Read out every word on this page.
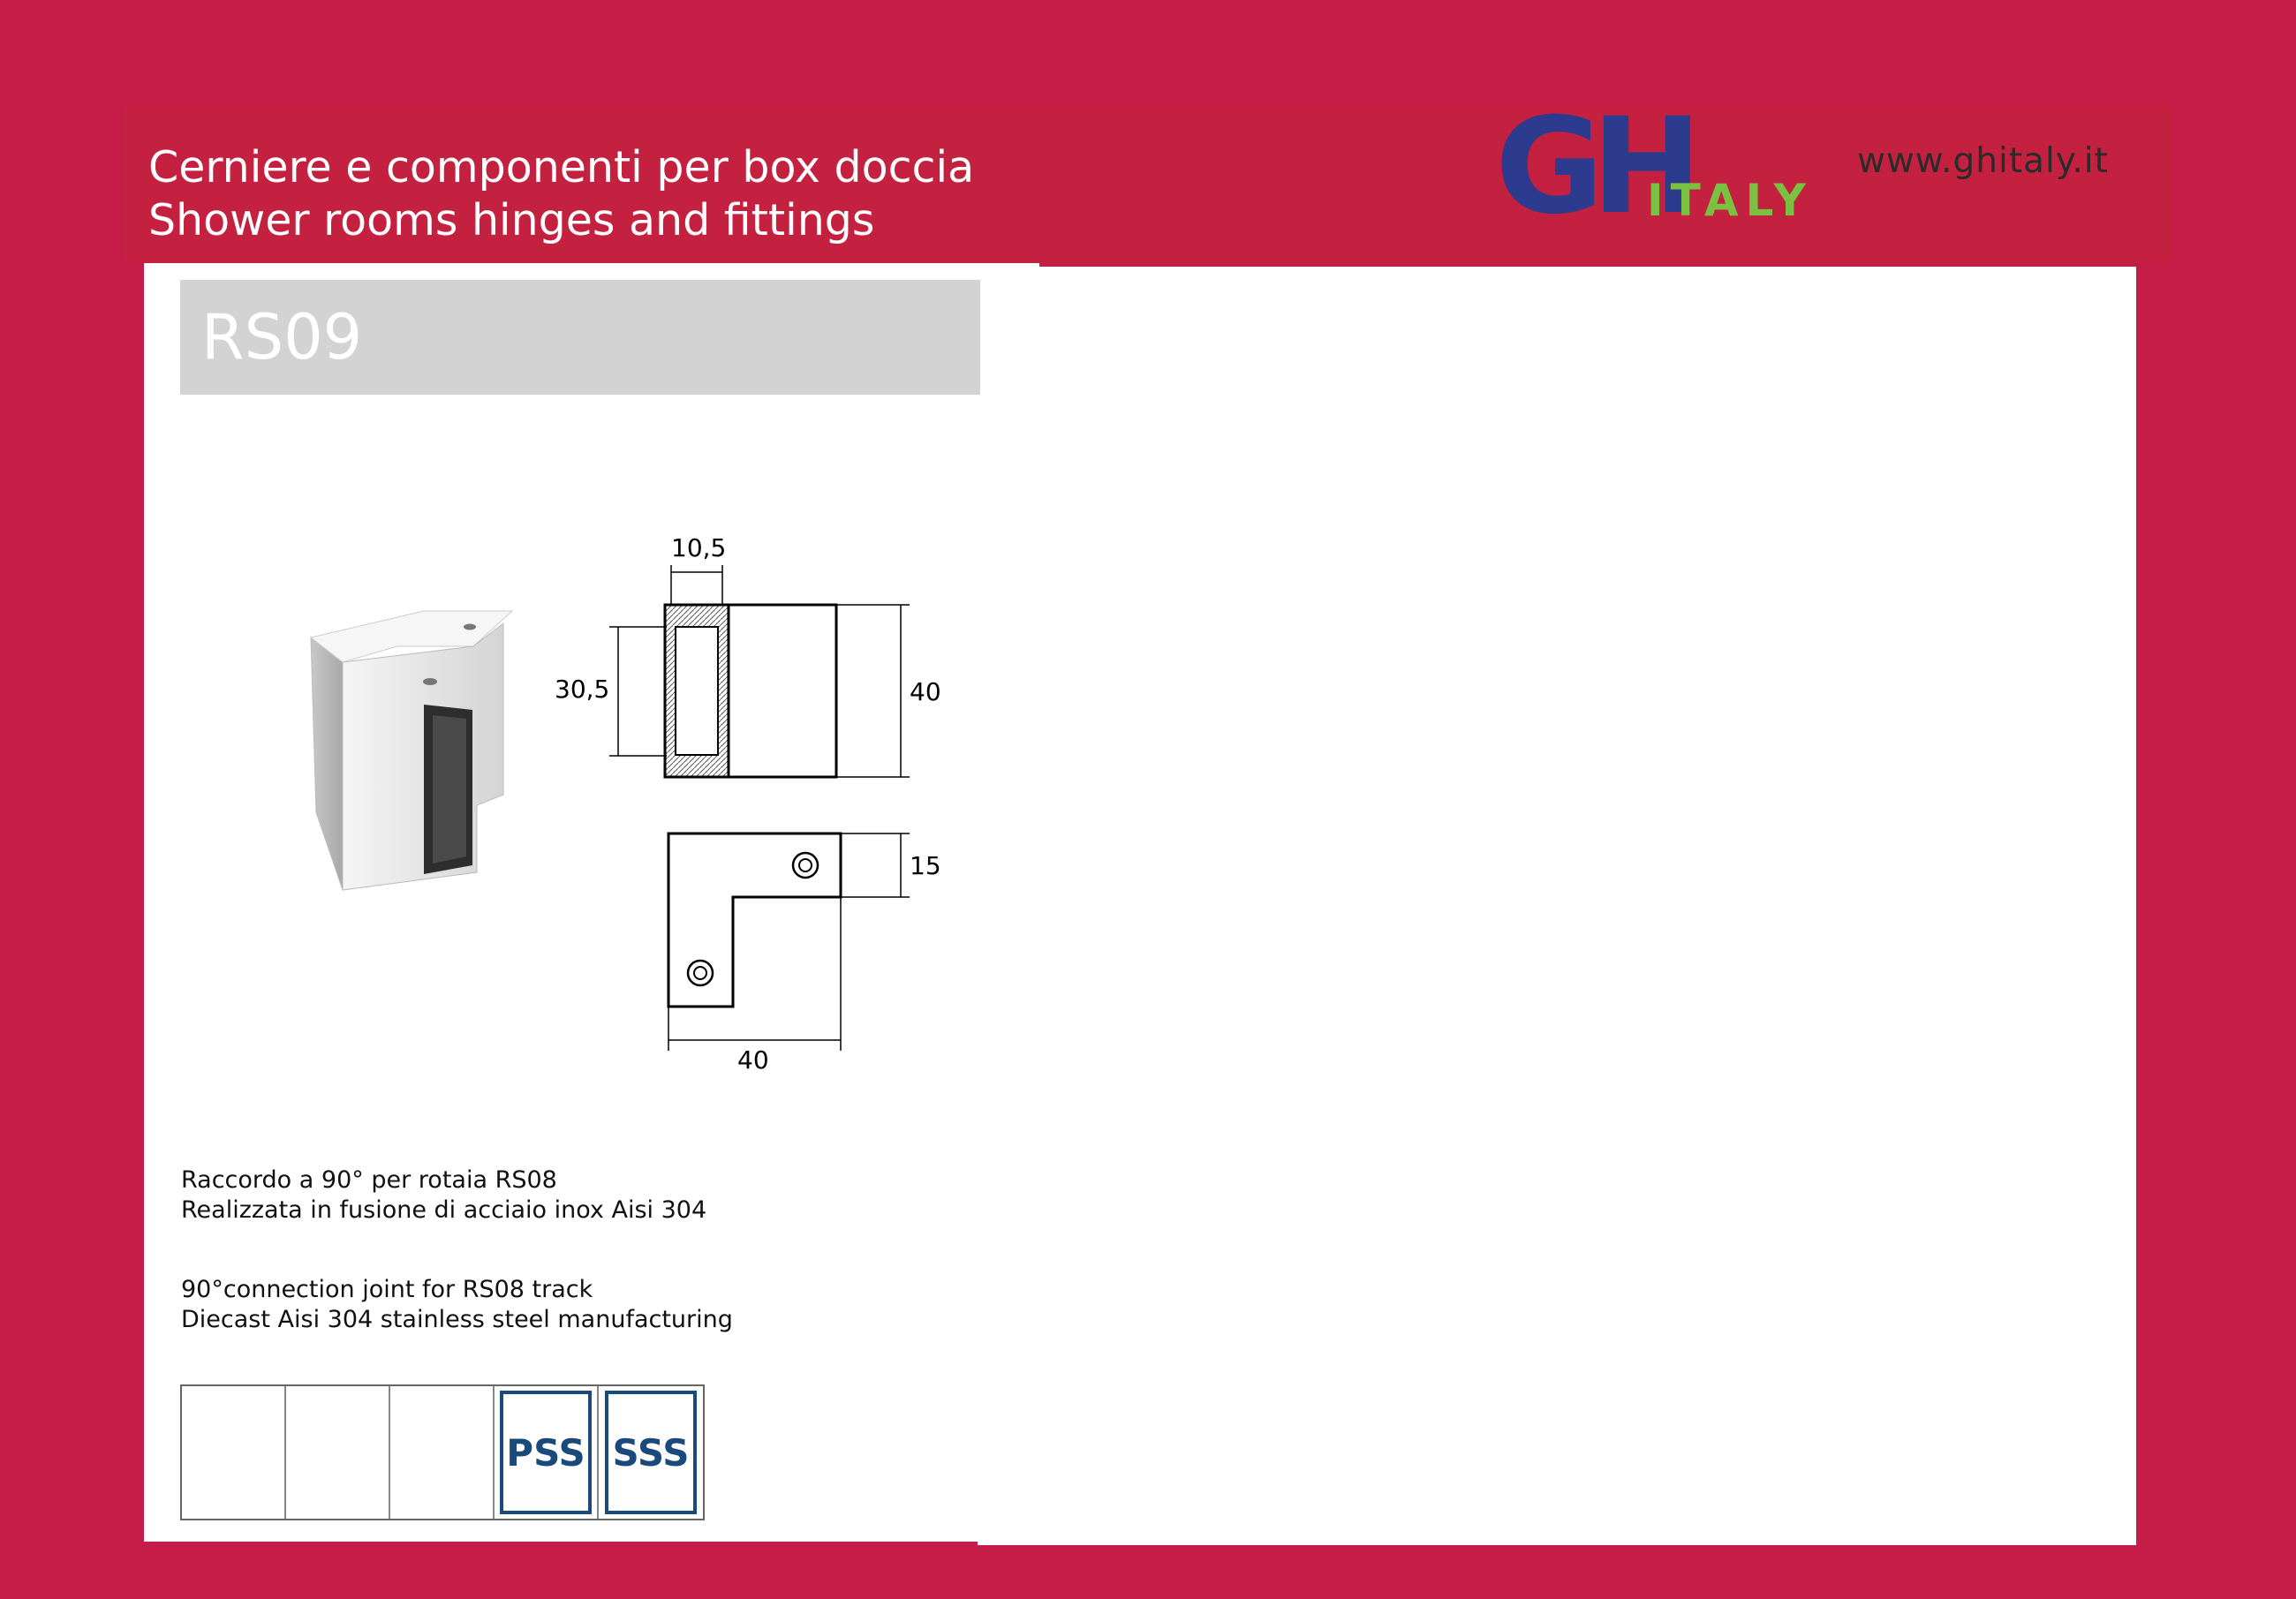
Cerniere e componenti per box doccia
Shower rooms hinges and fittings	GH
ITALY
www.ghitaly.it
RS09
10,5
30,5	40
15
40
Raccordo a 90° per rotaia RS08
Realizzata in fusione di acciaio inox Aisi 304
90°connection joint for RS08 track
Diecast Aisi 304 stainless steel manufacturing
PSS SSS
